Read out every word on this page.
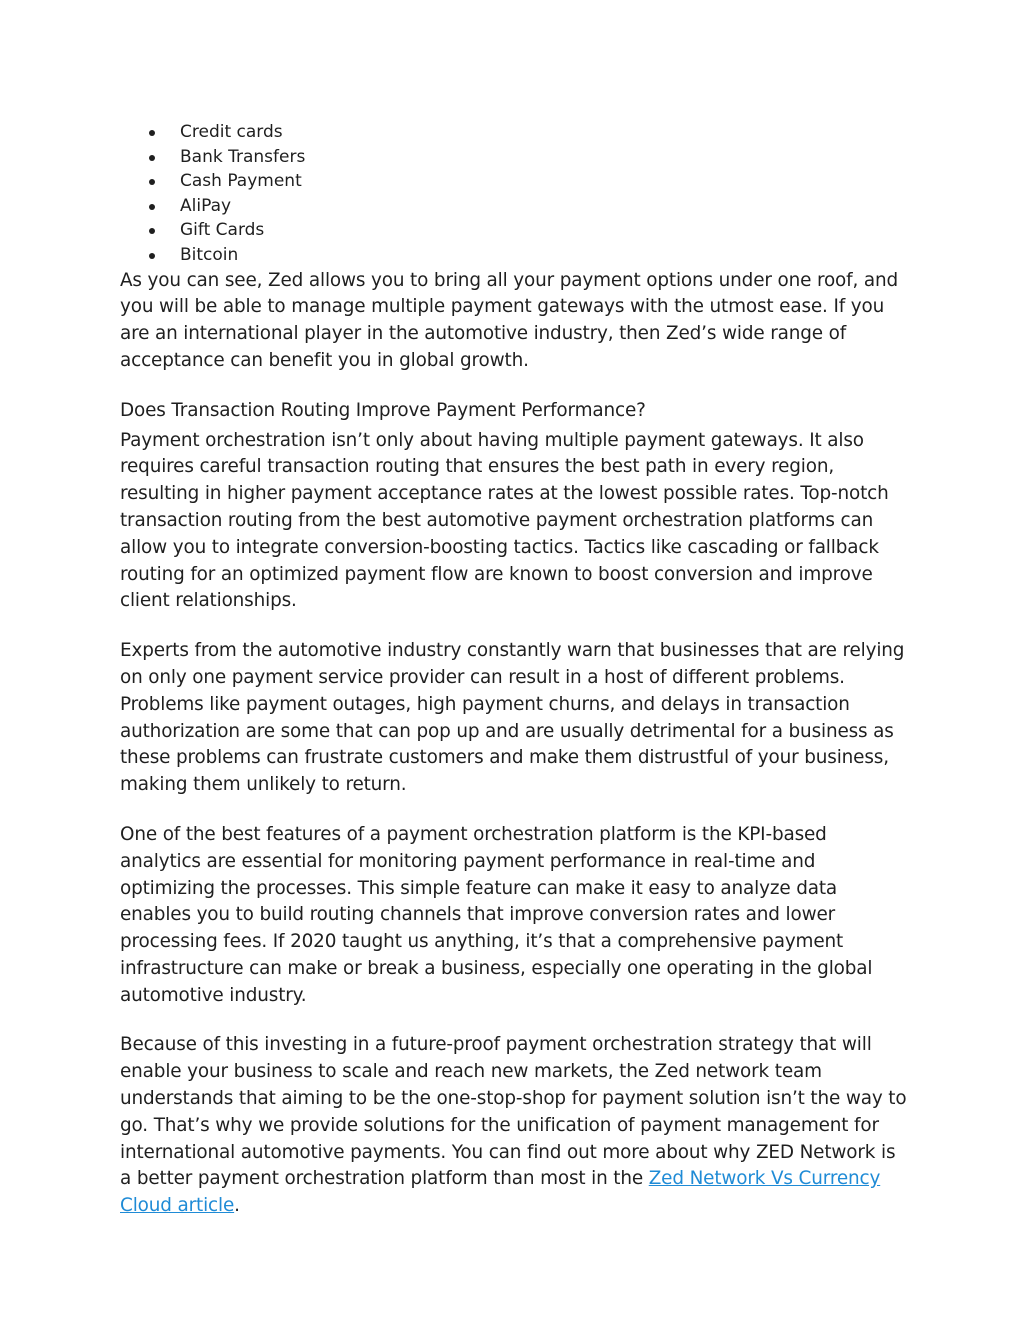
Credit cards
Bank Transfers
Cash Payment
AliPay
Gift Cards
Bitcoin

As you can see, Zed allows you to bring all your payment options under one roof, and you will be able to manage multiple payment gateways with the utmost ease. If you are an international player in the automotive industry, then Zed’s wide range of acceptance can benefit you in global growth.

Does Transaction Routing Improve Payment Performance?

Payment orchestration isn’t only about having multiple payment gateways. It also requires careful transaction routing that ensures the best path in every region, resulting in higher payment acceptance rates at the lowest possible rates. Top-notch transaction routing from the best automotive payment orchestration platforms can allow you to integrate conversion-boosting tactics. Tactics like cascading or fallback routing for an optimized payment flow are known to boost conversion and improve client relationships.

Experts from the automotive industry constantly warn that businesses that are relying on only one payment service provider can result in a host of different problems. Problems like payment outages, high payment churns, and delays in transaction authorization are some that can pop up and are usually detrimental for a business as these problems can frustrate customers and make them distrustful of your business, making them unlikely to return.

One of the best features of a payment orchestration platform is the KPI-based analytics are essential for monitoring payment performance in real-time and optimizing the processes. This simple feature can make it easy to analyze data enables you to build routing channels that improve conversion rates and lower processing fees. If 2020 taught us anything, it’s that a comprehensive payment infrastructure can make or break a business, especially one operating in the global automotive industry.

Because of this investing in a future-proof payment orchestration strategy that will enable your business to scale and reach new markets, the Zed network team understands that aiming to be the one-stop-shop for payment solution isn’t the way to go. That’s why we provide solutions for the unification of payment management for international automotive payments. You can find out more about why ZED Network is a better payment orchestration platform than most in the Zed Network Vs Currency Cloud article.
